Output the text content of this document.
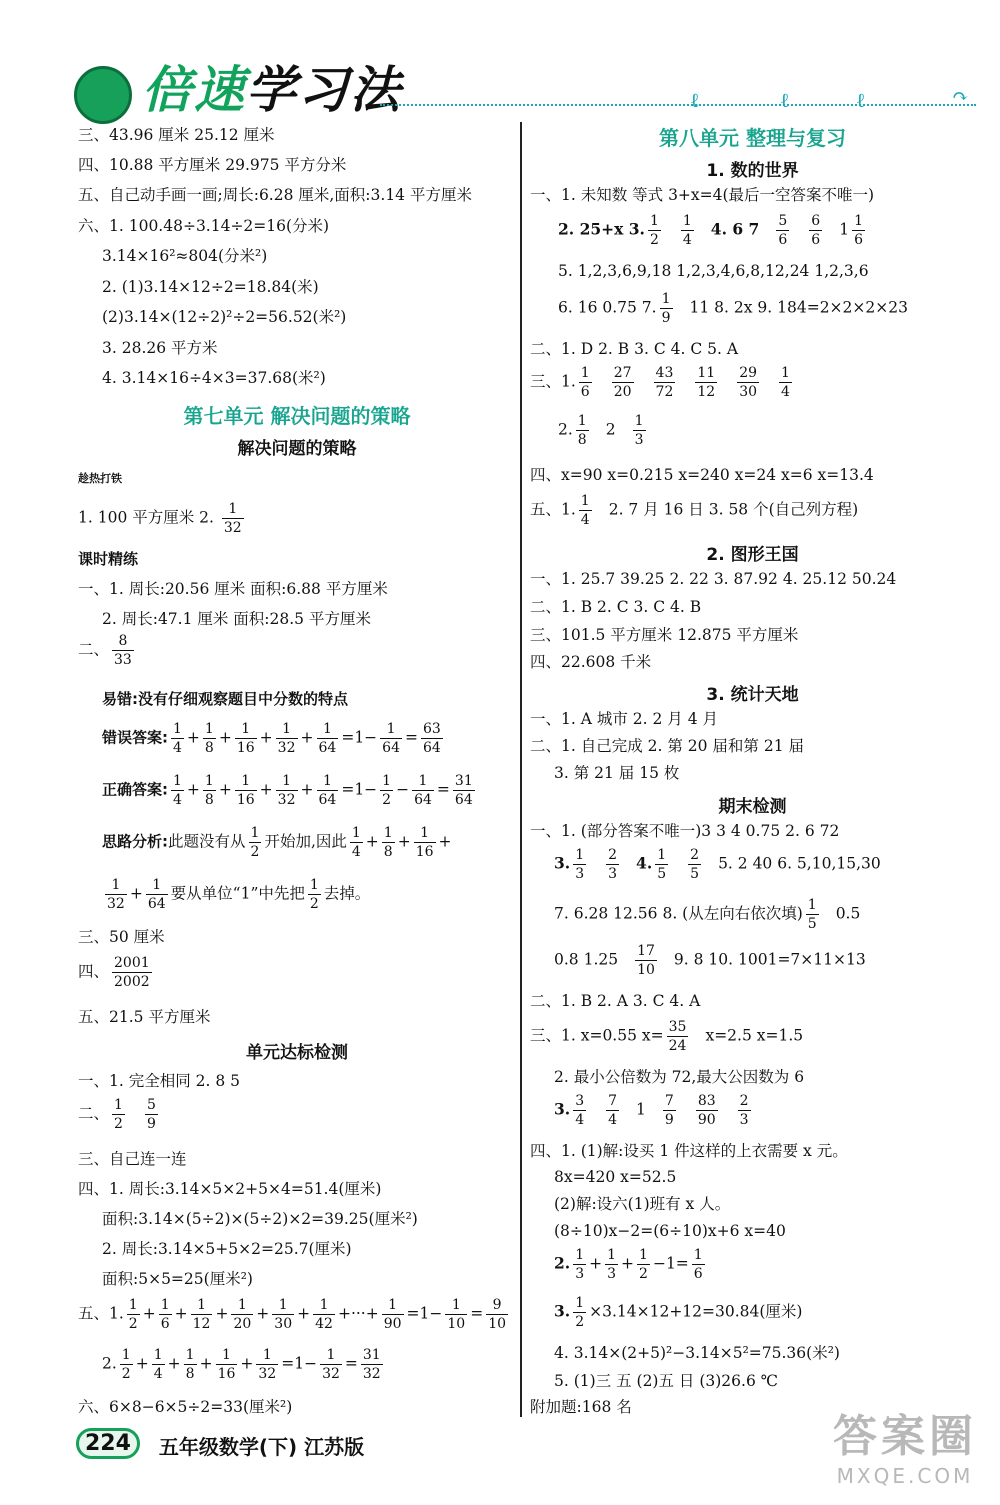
倍速学习法	ℓ	ℓ	ℓ	↷
三、43.96 厘米 25.12 厘米
四、10.88 平方厘米 29.975 平方分米
五、自己动手画一画;周长:6.28 厘米,面积:3.14 平方厘米
六、1. 100.48÷3.14÷2=16(分米)
3.14×16²≈804(分米²)
2. (1)3.14×12÷2=18.84(米)
(2)3.14×(12÷2)²÷2=56.52(米²)
3. 28.26 平方米
4. 3.14×16÷4×3=37.68(米²)
第七单元 解决问题的策略
解决问题的策略
趁热打铁
1. 100 平方厘米 2. $\frac{1}{32}$
课时精练
一、1. 周长:20.56 厘米 面积:6.88 平方厘米
2. 周长:47.1 厘米 面积:28.5 平方厘米
二、 $\frac{8}{33}$
易错:没有仔细观察题目中分数的特点
错误答案: $\frac{1}{4} + \frac{1}{8} + \frac{1}{16} + \frac{1}{32} + \frac{1}{64} =1- \frac{1}{64} = \frac{63}{64}$
正确答案: $\frac{1}{4} + \frac{1}{8} + \frac{1}{16} + \frac{1}{32} + \frac{1}{64} =1- \frac{1}{2} - \frac{1}{64} = \frac{31}{64}$
思路分析:此题没有从 $\frac{1}{2}$ 开始加,因此 $\frac{1}{4} + \frac{1}{8} + \frac{1}{16}$ +
$\frac{1}{32} + \frac{1}{64}$ 要从单位“1”中先把 $\frac{1}{2}$ 去掉。
三、50 厘米
四、 $\frac{2001}{2002}$
五、21.5 平方厘米
单元达标检测
一、1. 完全相同 2. 8 5
二、 $\frac{1}{2} \frac{5}{9}$
三、自己连一连
四、1. 周长:3.14×5×2+5×4=51.4(厘米)
面积:3.14×(5÷2)×(5÷2)×2=39.25(厘米²)
2. 周长:3.14×5+5×2=25.7(厘米)
面积:5×5=25(厘米²)
五、1. $\frac{1}{2} + \frac{1}{6} + \frac{1}{12} + \frac{1}{20} + \frac{1}{30} + \frac{1}{42}$ +···+ $\frac{1}{90} =1- \frac{1}{10} = \frac{9}{10}$
2. $\frac{1}{2} + \frac{1}{4} + \frac{1}{8} + \frac{1}{16} + \frac{1}{32} =1- \frac{1}{32} = \frac{31}{32}$
六、6×8−6×5÷2=33(厘米²)
第八单元 整理与复习
1. 数的世界
一、1. 未知数 等式 3+x=4(最后一空答案不唯一)
2. 25+x 3. $\frac{1}{2} \frac{1}{4} 4$. 6 $7 \frac{5}{6} \frac{6}{6} 1 \frac{1}{6}$
5. 1,2,3,6,9,18 1,2,3,4,6,8,12,24 1,2,3,6
6. 16 0.75 7. $\frac{1}{9} 11$ 8. 2x 9. 184=2×2×2×23
二、1. D 2. B 3. C 4. C 5. A
三、1. $\frac{1}{6} \frac{27}{20} \frac{43}{72} \frac{11}{12} \frac{29}{30} \frac{1}{4}$
2. $\frac{1}{8} 2 \frac{1}{3}$
四、x=90 x=0.215 x=240 x=24 x=6 x=13.4
五、1. $\frac{1}{4} 2$. 7 月 16 日 3. 58 个(自己列方程)
2. 图形王国
一、1. 25.7 39.25 2. 22 3. 87.92 4. 25.12 50.24
二、1. B 2. C 3. C 4. B
三、101.5 平方厘米 12.875 平方厘米
四、22.608 千米
3. 统计天地
一、1. A 城市 2. 2 月 4 月
二、1. 自己完成 2. 第 20 届和第 21 届
3. 第 21 届 15 枚
期末检测
一、1. (部分答案不唯一)3 3 4 0.75 2. 6 72
3. $\frac{1}{3} \frac{2}{3} 4$. $\frac{1}{5} \frac{2}{5} 5$. 2 40 6. 5,10,15,30
7. 6.28 12.56 8. (从左向右依次填) $\frac{1}{5} 0.5$
0.8 $1.25 \frac{17}{10} 9$. 8 10. 1001=7×11×13
二、1. B 2. A 3. C 4. A
三、1. x=0.55 $x= \frac{35}{24} x=2.5$ x=1.5
2. 最小公倍数为 72,最大公因数为 6
3. $\frac{3}{4} \frac{7}{4} 1 \frac{7}{9} \frac{83}{90} \frac{2}{3}$
四、1. (1)解:设买 1 件这样的上衣需要 x 元。
8x=420 x=52.5
(2)解:设六(1)班有 x 人。
(8÷10)x−2=(6÷10)x+6 x=40
2. $\frac{1}{3} + \frac{1}{3} + \frac{1}{2} -1= \frac{1}{6}$
3. $\frac{1}{2} \times 3.14\times 12+12=30.84$(厘米)
4. 3.14×(2+5)²−3.14×5²=75.36(米²)
5. (1)三 五 (2)五 日 (3)26.6 ℃
附加题:168 名
224 五年级数学(下) 江苏版	答案圈
MXQE.COM
